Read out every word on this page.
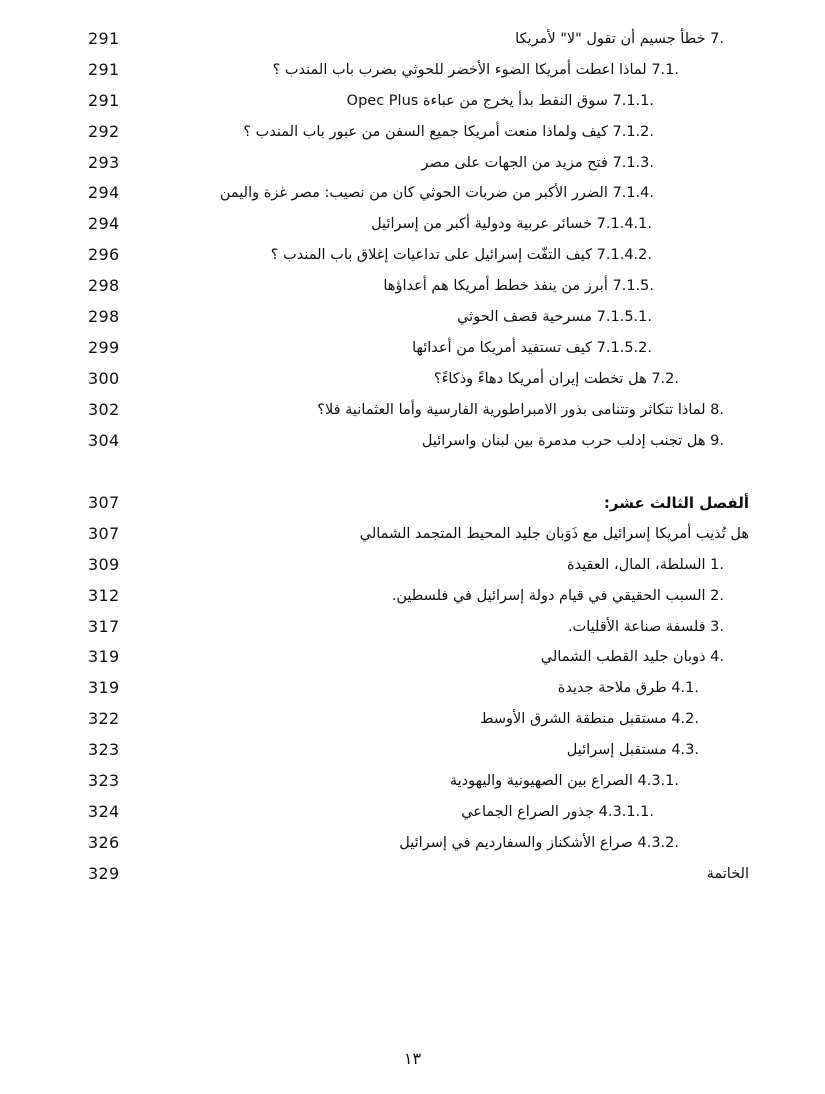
.7 خطأ جسيم أن تقول "لا" لأمريكا
291
.7.1 لماذا اعطت أمريكا الضوء الأخضر للحوثي بضرب باب المندب ؟
291
.7.1.1 سوق النفط بدأ يخرج من عباءة Opec Plus
291
.7.1.2 كيف ولماذا منعت أمريكا جميع السفن من عبور باب المندب ؟
292
.7.1.3 فتح مزيد من الجهات على مصر
293
.7.1.4 الضرر الأكبر من ضربات الحوثي كان من نصيب: مصر غزة واليمن
294
.7.1.4.1 خسائر عربية ودولية أكبر من إسرائيل
294
.7.1.4.2 كيف التفّت إسرائيل على تداعيات إغلاق باب المندب ؟
296
.7.1.5 أبرز من ينفذ خطط أمريكا هم أعداؤها
298
.7.1.5.1 مسرحية قصف الحوثي
298
.7.1.5.2 كيف تستفيد أمريكا من أعدائها
299
.7.2 هل تخطت إيران أمريكا دهاءً وذكاءً؟
300
.8 لماذا تتكاثر وتتنامى بذور الامبراطورية الفارسية وأما العثمانية فلا؟
302
.9 هل تجنب إدلب حرب مدمرة بين لبنان واسرائيل
304
ألفصل الثالث عشر:
307
هل تُذيب أمريكا إسرائيل مع ذَوَبان جليد المحيط المتجمد الشمالي
307
.1 السلطة، المال، العقيدة
309
.2 السبب الحقيقي في قيام دولة إسرائيل في فلسطين.
312
.3 فلسفة صناعة الأقليات.
317
.4 ذوبان جليد القطب الشمالي
319
.4.1 طرق ملاحة جديدة
319
.4.2 مستقبل منطقة الشرق الأوسط
322
.4.3 مستقبل إسرائيل
323
.4.3.1 الصراع بين الصهيونية واليهودية
323
.4.3.1.1 جذور الصراع الجماعي
324
.4.3.2 صراع الأشكناز والسفارديم في إسرائيل
326
الخاتمة
329
١٣
